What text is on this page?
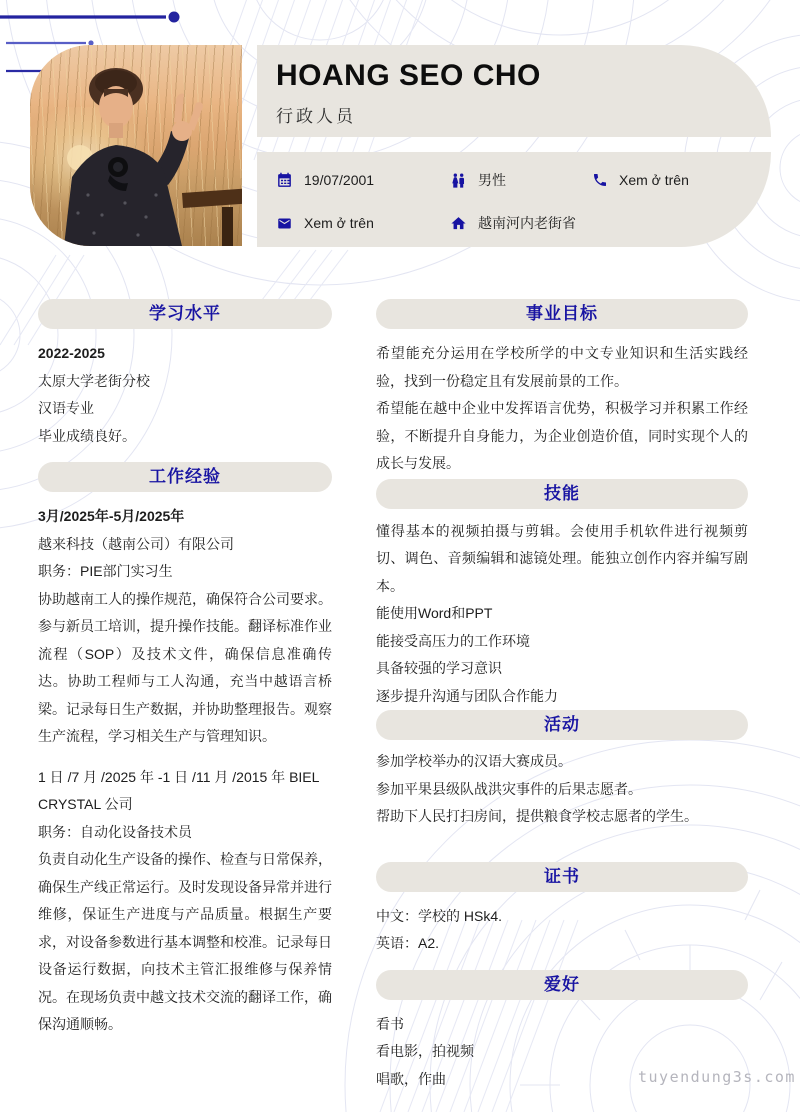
HOANG SEO CHO
行政人员
19/07/2001	男性	Xem ở trên
Xem ở trên	越南河内老街省
学习水平
2022-2025
太原大学老街分校
汉语专业
毕业成绩良好。
工作经验
3月/2025年-5月/2025年
越来科技（越南公司）有限公司
职务：PIE部门实习生
协助越南工人的操作规范，确保符合公司要求。参与新员工培训，提升操作技能。翻译标准作业流程（SOP）及技术文件，确保信息准确传达。协助工程师与工人沟通，充当中越语言桥梁。记录每日生产数据，并协助整理报告。观察生产流程，学习相关生产与管理知识。
1 日 /7 月 /2025 年 -1 日 /11 月 /2015 年 BIEL CRYSTAL 公司
职务：自动化设备技术员
负责自动化生产设备的操作、检查与日常保养，确保生产线正常运行。及时发现设备异常并进行维修，保证生产进度与产品质量。根据生产要求，对设备参数进行基本调整和校准。记录每日设备运行数据，向技术主管汇报维修与保养情况。在现场负责中越文技术交流的翻译工作，确保沟通顺畅。
事业目标
希望能充分运用在学校所学的中文专业知识和生活实践经验，找到一份稳定且有发展前景的工作。
希望能在越中企业中发挥语言优势，积极学习并积累工作经验，不断提升自身能力，为企业创造价值，同时实现个人的成长与发展。
技能
懂得基本的视频拍摄与剪辑。会使用手机软件进行视频剪切、调色、音频编辑和滤镜处理。能独立创作内容并编写剧本。
能使用Word和PPT
能接受高压力的工作环境
具备较强的学习意识
逐步提升沟通与团队合作能力
活动
参加学校举办的汉语大赛成员。
参加平果县级队战洪灾事件的后果志愿者。
帮助下人民打扫房间，提供粮食学校志愿者的学生。
证书
中文：学校的 HSk4.
英语：A2.
爱好
看书
看电影，拍视频
唱歌，作曲	tuyendung3s.com
